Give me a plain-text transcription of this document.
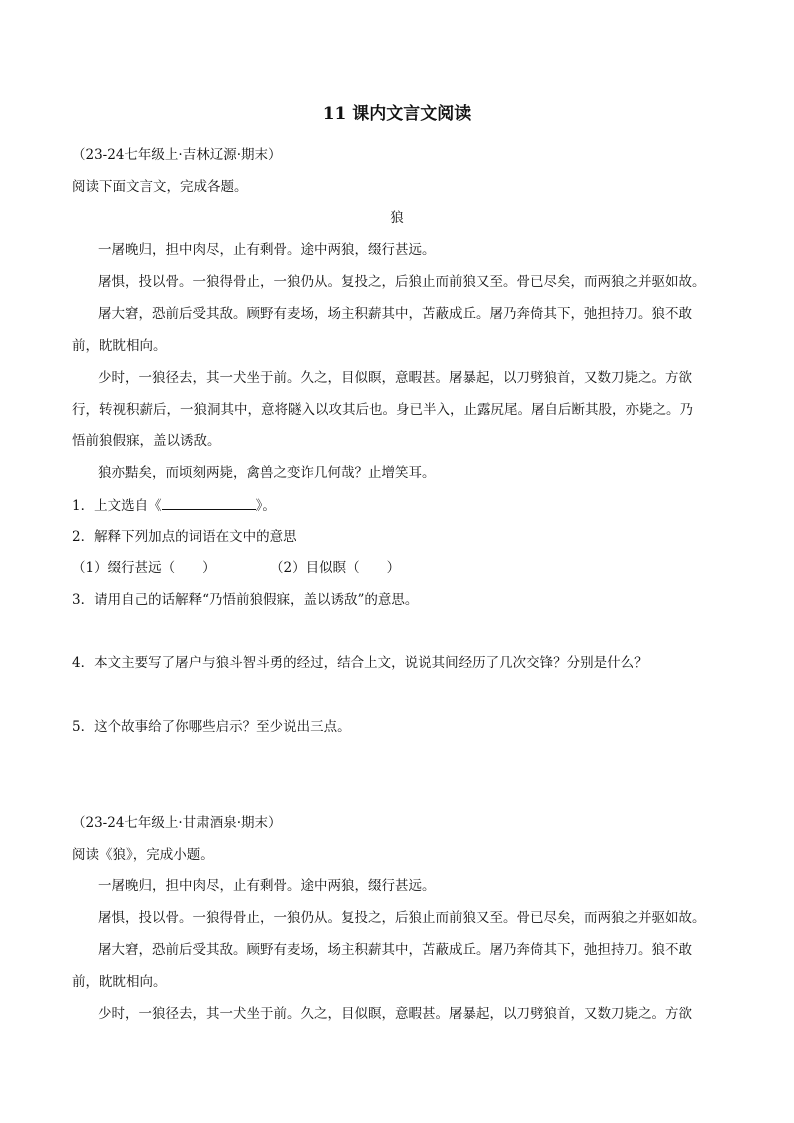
11 课内文言文阅读
（23-24七年级上·吉林辽源·期末）
阅读下面文言文，完成各题。
狼
一屠晚归，担中肉尽，止有剩骨。途中两狼，缀行甚远。
屠惧，投以骨。一狼得骨止，一狼仍从。复投之，后狼止而前狼又至。骨已尽矣，而两狼之并驱如故。
屠大窘，恐前后受其敌。顾野有麦场，场主积薪其中，苫蔽成丘。屠乃奔倚其下，弛担持刀。狼不敢
前，眈眈相向。
少时，一狼径去，其一犬坐于前。久之，目似瞑，意暇甚。屠暴起，以刀劈狼首，又数刀毙之。方欲
行，转视积薪后，一狼洞其中，意将隧入以攻其后也。身已半入，止露尻尾。屠自后断其股，亦毙之。乃
悟前狼假寐，盖以诱敌。
狼亦黠矣，而顷刻两毙，禽兽之变诈几何哉？止增笑耳。
1．上文选自《	》。
2．解释下列加点的词语在文中的意思
（1）缀行甚远（　　）	（2）目似瞑（　　）
3．请用自己的话解释“乃悟前狼假寐，盖以诱敌”的意思。
4．本文主要写了屠户与狼斗智斗勇的经过，结合上文，说说其间经历了几次交锋？分别是什么？
5．这个故事给了你哪些启示？至少说出三点。
（23-24七年级上·甘肃酒泉·期末）
阅读《狼》，完成小题。
一屠晚归，担中肉尽，止有剩骨。途中两狼，缀行甚远。
屠惧，投以骨。一狼得骨止，一狼仍从。复投之，后狼止而前狼又至。骨已尽矣，而两狼之并驱如故。
屠大窘，恐前后受其敌。顾野有麦场，场主积薪其中，苫蔽成丘。屠乃奔倚其下，弛担持刀。狼不敢
前，眈眈相向。
少时，一狼径去，其一犬坐于前。久之，目似瞑，意暇甚。屠暴起，以刀劈狼首，又数刀毙之。方欲
